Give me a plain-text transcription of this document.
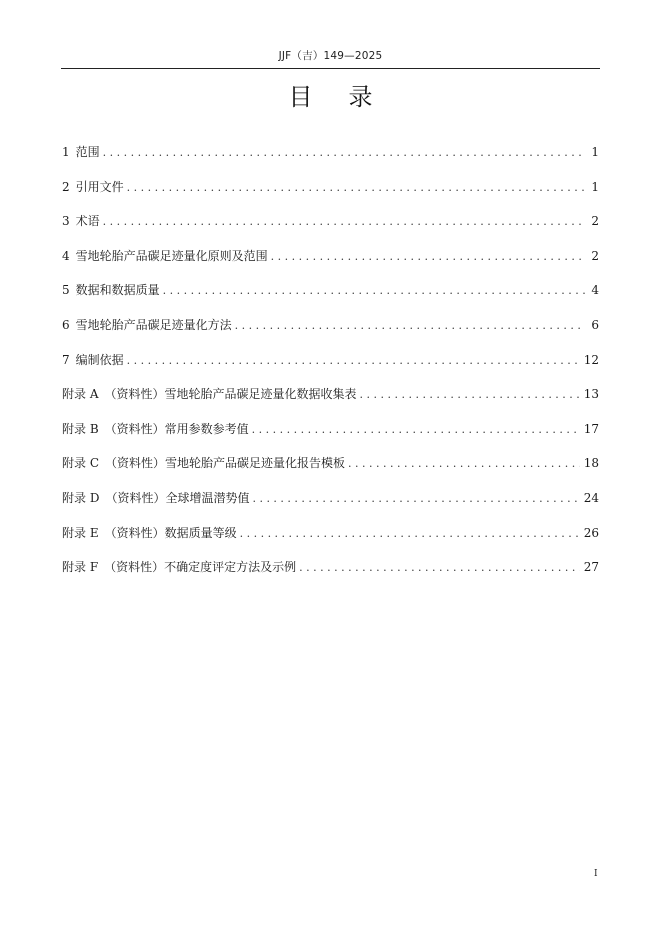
JJF（吉）149—2025
目录
1 范围 . . .	1
2 引用文件 . . .	1
3 术语 . . .	2
4 雪地轮胎产品碳足迹量化原则及范围 . . .	2
5 数据和数据质量 . . .	4
6 雪地轮胎产品碳足迹量化方法 . . .	6
7 编制依据 . . .	12
附录 A （资料性）雪地轮胎产品碳足迹量化数据收集表 . . .	13
附录 B （资料性）常用参数参考值 . . .	17
附录 C （资料性）雪地轮胎产品碳足迹量化报告模板 . . .	18
附录 D （资料性）全球增温潜势值 . . .	24
附录 E （资料性）数据质量等级 . . .	26
附录 F （资料性）不确定度评定方法及示例 . . .	27
I
